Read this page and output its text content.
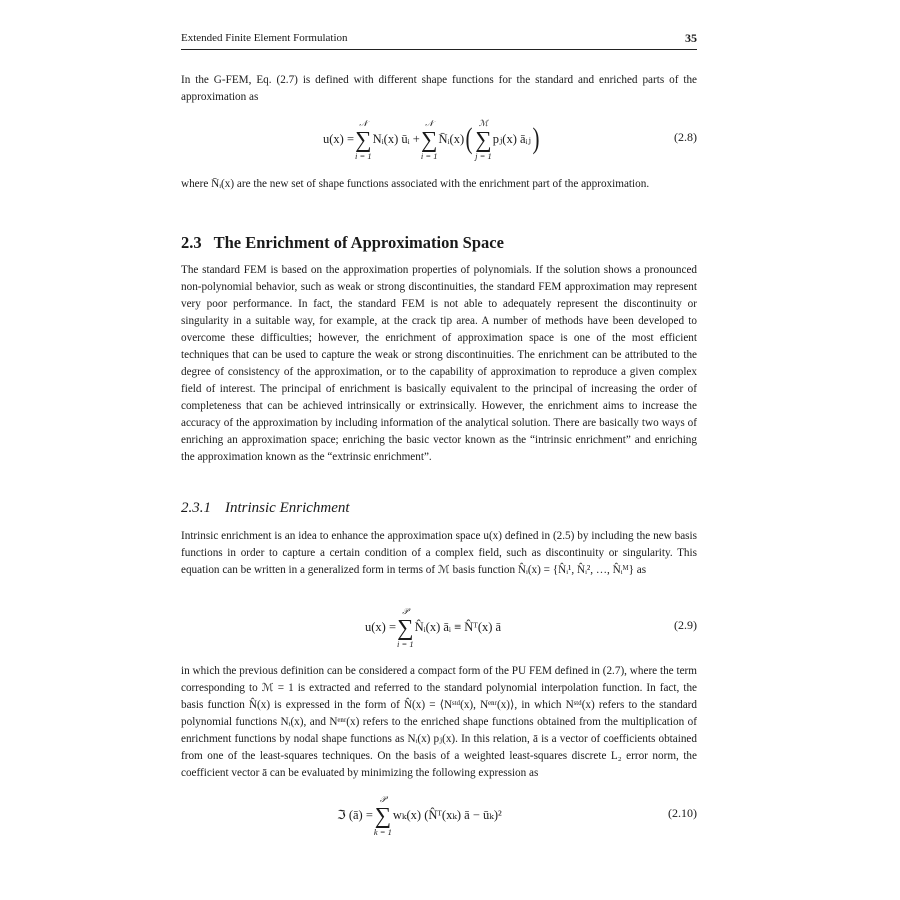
Extended Finite Element Formulation	35

In the G-FEM, Eq. (2.7) is defined with different shape functions for the standard and enriched parts of the approximation as

u(x) =
𝒩
∑
i = 1
Nᵢ(x) ūᵢ +
𝒩
∑
i = 1
N̄ᵢ(x) ( ℳ
∑
j = 1
pⱼ(x) āᵢⱼ )	(2.8)

where N̄ᵢ(x) are the new set of shape functions associated with the enrichment part of the approximation.

2.3 The Enrichment of Approximation Space

The standard FEM is based on the approximation properties of polynomials. If the solution shows a pronounced non-polynomial behavior, such as weak or strong discontinuities, the standard FEM approximation may represent very poor performance. In fact, the standard FEM is not able to adequately represent the discontinuity or singularity in a suitable way, for example, at the crack tip area. A number of methods have been developed to overcome these difficulties; however, the enrichment of approximation space is one of the most efficient techniques that can be used to capture the weak or strong discontinuities. The enrichment can be attributed to the degree of consistency of the approximation, or to the capability of approximation to reproduce a given complex field of interest. The principal of enrichment is basically equivalent to the principal of increasing the order of completeness that can be achieved intrinsically or extrinsically. However, the enrichment aims to increase the accuracy of the approximation by including information of the analytical solution. There are basically two ways of enriching an approximation space; enriching the basic vector known as the “intrinsic enrichment” and enriching the approximation known as the “extrinsic enrichment”.

2.3.1 Intrinsic Enrichment

Intrinsic enrichment is an idea to enhance the approximation space u(x) defined in (2.5) by including the new basis functions in order to capture a certain condition of a complex field, such as discontinuity or singularity. This equation can be written in a generalized form in terms of ℳ basis function N̂ᵢ(x) = {N̂ᵢ¹, N̂ᵢ², …, N̂ᵢᴹ} as

u(x) =
𝒫
∑
i = 1
N̂ᵢ(x) āᵢ ≡ N̂ᵀ(x) ā	(2.9)

in which the previous definition can be considered a compact form of the PU FEM defined in (2.7), where the term corresponding to ℳ = 1 is extracted and referred to the standard polynomial interpolation function. In fact, the basis function N̂(x) is expressed in the form of N̂(x) = ⟨Nˢᵗᵈ(x), Nᵉⁿʳ(x)⟩, in which Nˢᵗᵈ(x) refers to the standard polynomial functions Nᵢ(x), and Nᵉⁿʳ(x) refers to the enriched shape functions obtained from the multiplication of enrichment functions by nodal shape functions as Nᵢ(x) pⱼ(x). In this relation, ā is a vector of coefficients obtained from one of the least-squares techniques. On the basis of a weighted least-squares discrete L₂ error norm, the coefficient vector ā can be evaluated by minimizing the following expression as

ℑ (ā) =
𝒫
∑
k = 1
wₖ(x) (N̂ᵀ(xₖ) ā − ūₖ)²	(2.10)
